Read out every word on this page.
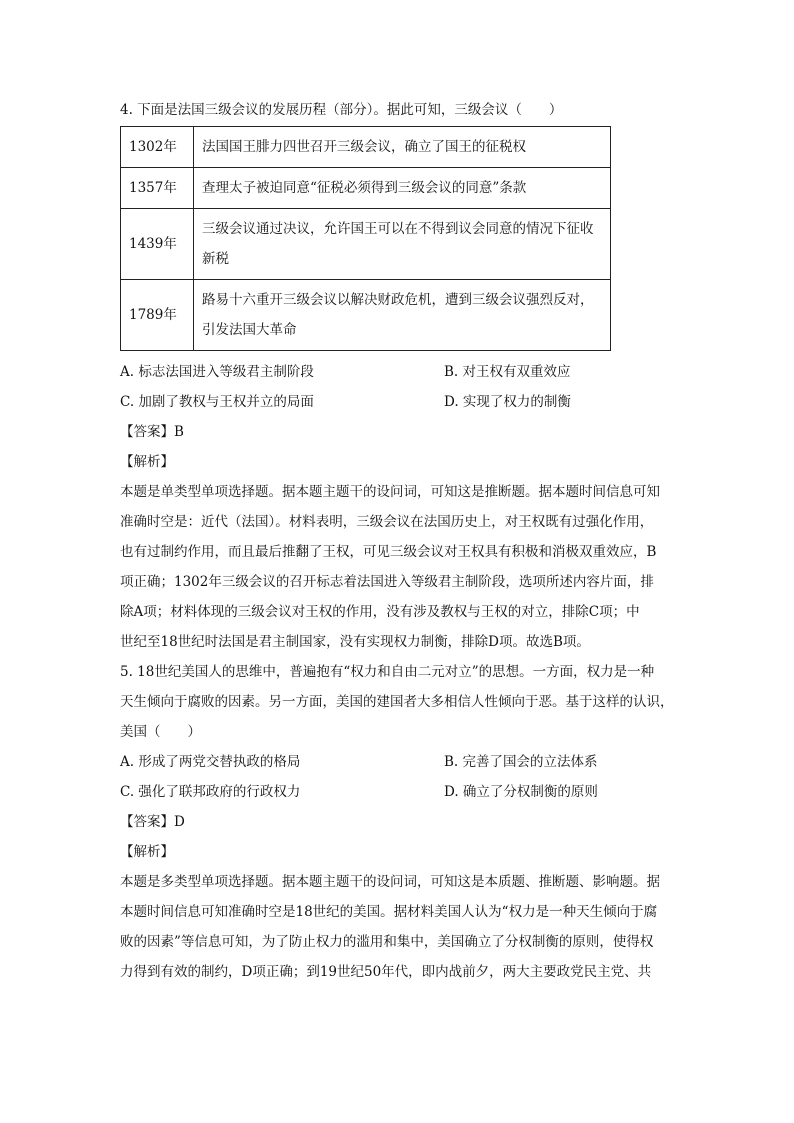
4. 下面是法国三级会议的发展历程（部分）。据此可知，三级会议（　　）

1302年	法国国王腓力四世召开三级会议，确立了国王的征税权
1357年	查理太子被迫同意“征税必须得到三级会议的同意”条款
1439年	三级会议通过决议，允许国王可以在不得到议会同意的情况下征收新税
1789年	路易十六重开三级会议以解决财政危机，遭到三级会议强烈反对，引发法国大革命
A. 标志法国进入等级君主制阶段	B. 对王权有双重效应
C. 加剧了教权与王权并立的局面	D. 实现了权力的制衡

【答案】B

【解析】

本题是单类型单项选择题。据本题主题干的设问词，可知这是推断题。据本题时间信息可知
准确时空是：近代（法国）。材料表明，三级会议在法国历史上，对王权既有过强化作用，
也有过制约作用，而且最后推翻了王权，可见三级会议对王权具有积极和消极双重效应，B
项正确；1302年三级会议的召开标志着法国进入等级君主制阶段，选项所述内容片面，排
除A项；材料体现的三级会议对王权的作用，没有涉及教权与王权的对立，排除C项；中
世纪至18世纪时法国是君主制国家，没有实现权力制衡，排除D项。故选B项。
5. 18世纪美国人的思维中，普遍抱有“权力和自由二元对立”的思想。一方面，权力是一种
天生倾向于腐败的因素。另一方面，美国的建国者大多相信人性倾向于恶。基于这样的认识，
美国（　　）
A. 形成了两党交替执政的格局	B. 完善了国会的立法体系
C. 强化了联邦政府的行政权力	D. 确立了分权制衡的原则

【答案】D

【解析】

本题是多类型单项选择题。据本题主题干的设问词，可知这是本质题、推断题、影响题。据
本题时间信息可知准确时空是18世纪的美国。据材料美国人认为“权力是一种天生倾向于腐
败的因素”等信息可知，为了防止权力的滥用和集中，美国确立了分权制衡的原则，使得权
力得到有效的制约，D项正确；到19世纪50年代，即内战前夕，两大主要政党民主党、共
